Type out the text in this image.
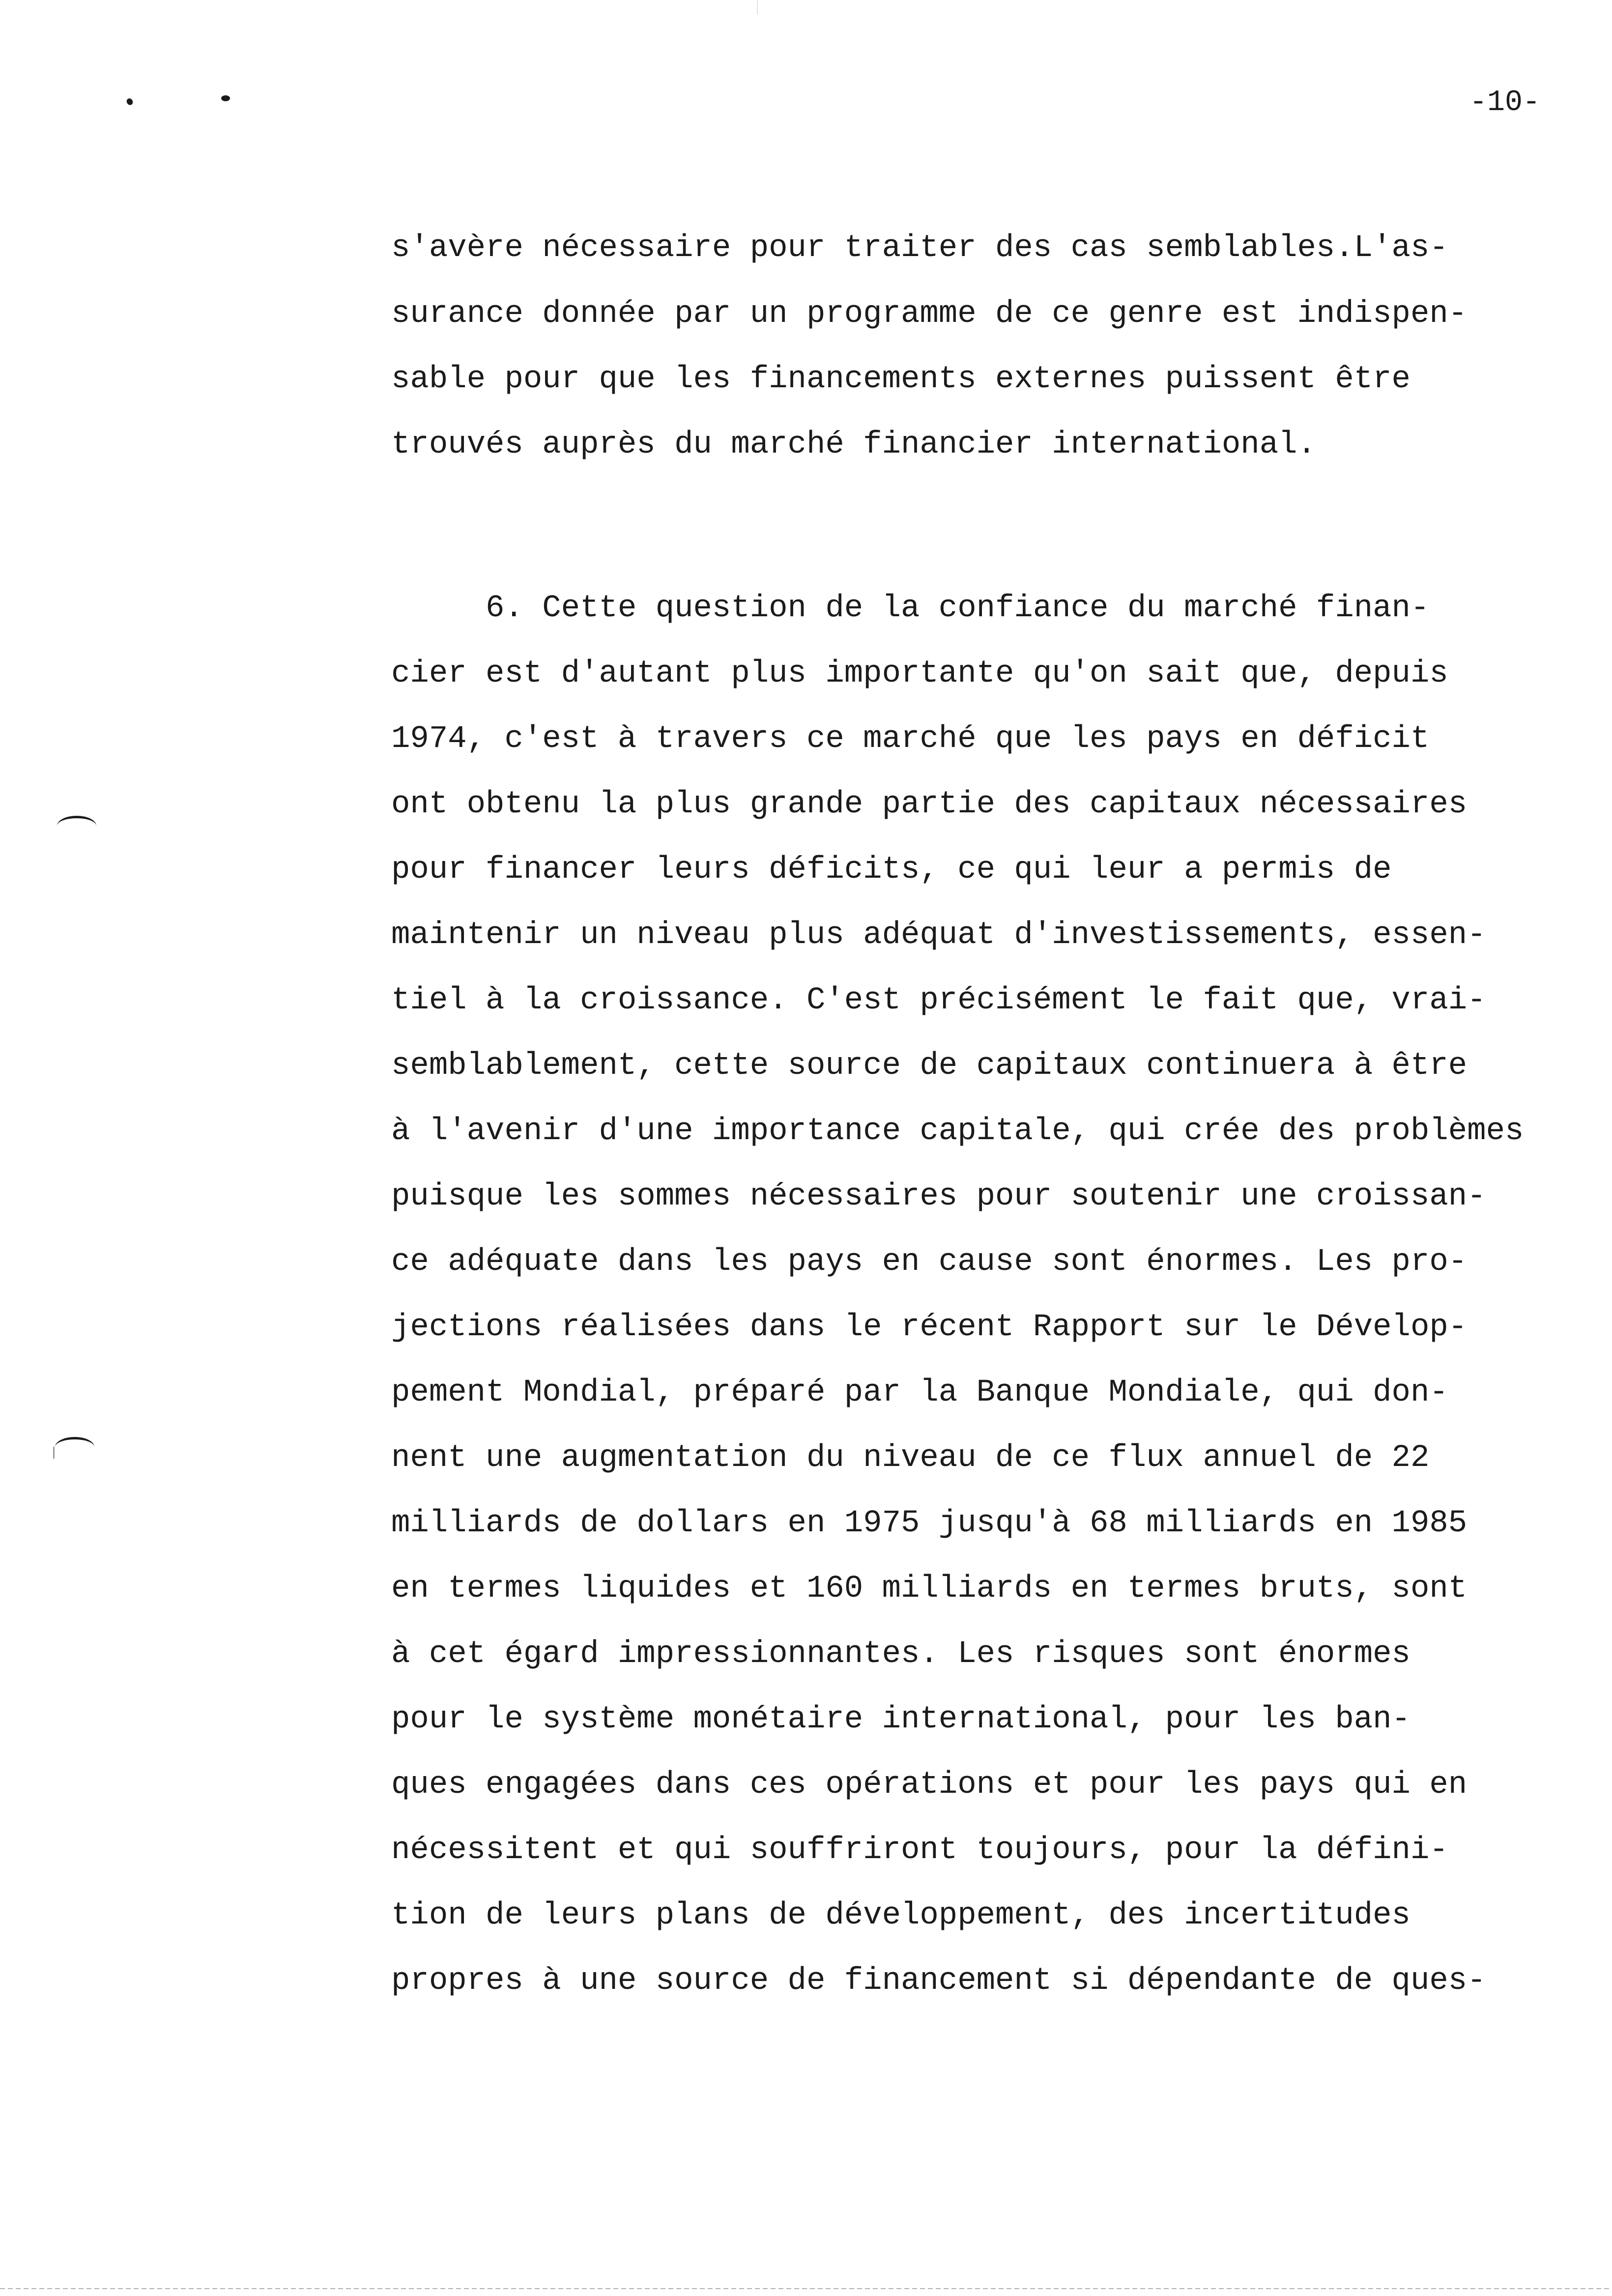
-10-
s'avère nécessaire pour traiter des cas semblables.L'as-
surance donnée par un programme de ce genre est indispen-
sable pour que les financements externes puissent être
trouvés auprès du marché financier international.
6. Cette question de la confiance du marché finan-
cier est d'autant plus importante qu'on sait que, depuis
1974, c'est à travers ce marché que les pays en déficit
ont obtenu la plus grande partie des capitaux nécessaires
pour financer leurs déficits, ce qui leur a permis de
maintenir un niveau plus adéquat d'investissements, essen-
tiel à la croissance. C'est précisément le fait que, vrai-
semblablement, cette source de capitaux continuera à être
à l'avenir d'une importance capitale, qui crée des problèmes
puisque les sommes nécessaires pour soutenir une croissan-
ce adéquate dans les pays en cause sont énormes. Les pro-
jections réalisées dans le récent Rapport sur le Dévelop-
pement Mondial, préparé par la Banque Mondiale, qui don-
nent une augmentation du niveau de ce flux annuel de 22
milliards de dollars en 1975 jusqu'à 68 milliards en 1985
en termes liquides et 160 milliards en termes bruts, sont
à cet égard impressionnantes. Les risques sont énormes
pour le système monétaire international, pour les ban-
ques engagées dans ces opérations et pour les pays qui en
nécessitent et qui souffriront toujours, pour la défini-
tion de leurs plans de développement, des incertitudes
propres à une source de financement si dépendante de ques-
